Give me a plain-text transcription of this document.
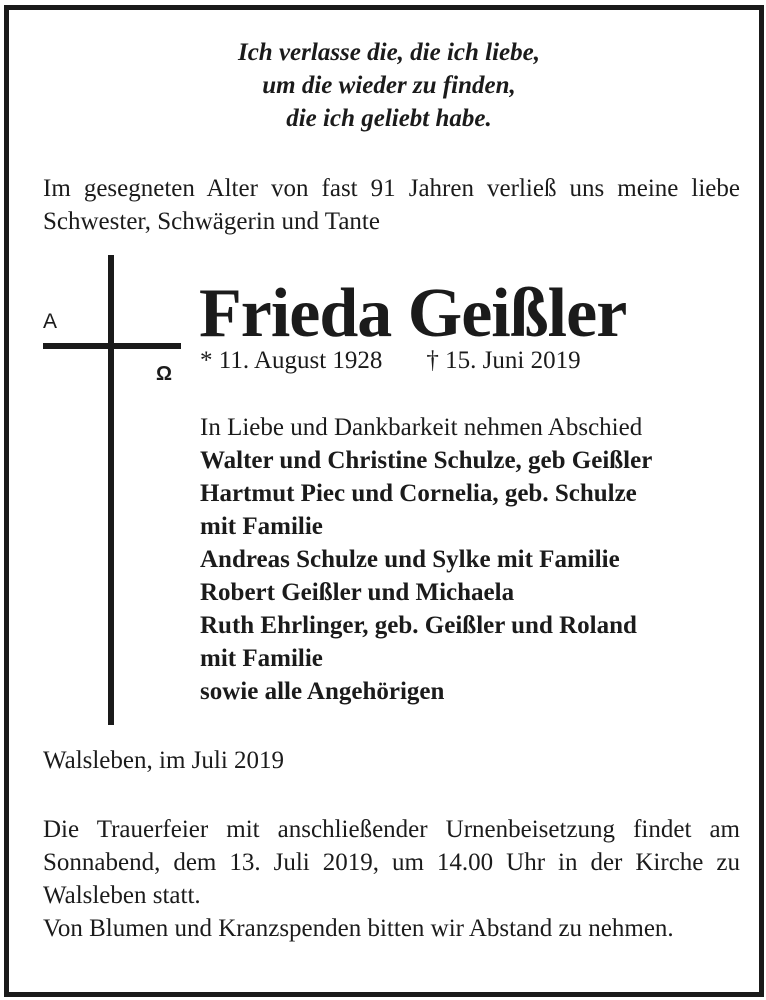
Ich verlasse die, die ich liebe,
um die wieder zu finden,
die ich geliebt habe.
Im gesegneten Alter von fast 91 Jahren verließ uns meine liebe Schwester, Schwägerin und Tante
A
Ω
Frieda Geißler
* 11. August 1928 † 15. Juni 2019
In Liebe und Dankbarkeit nehmen Abschied
Walter und Christine Schulze, geb Geißler
Hartmut Piec und Cornelia, geb. Schulze
mit Familie
Andreas Schulze und Sylke mit Familie
Robert Geißler und Michaela
Ruth Ehrlinger, geb. Geißler und Roland
mit Familie
sowie alle Angehörigen
Walsleben, im Juli 2019
Die Trauerfeier mit anschließender Urnenbeisetzung findet am Sonnabend, dem 13. Juli 2019, um 14.00 Uhr in der Kirche zu Walsleben statt.
Von Blumen und Kranzspenden bitten wir Abstand zu nehmen.
